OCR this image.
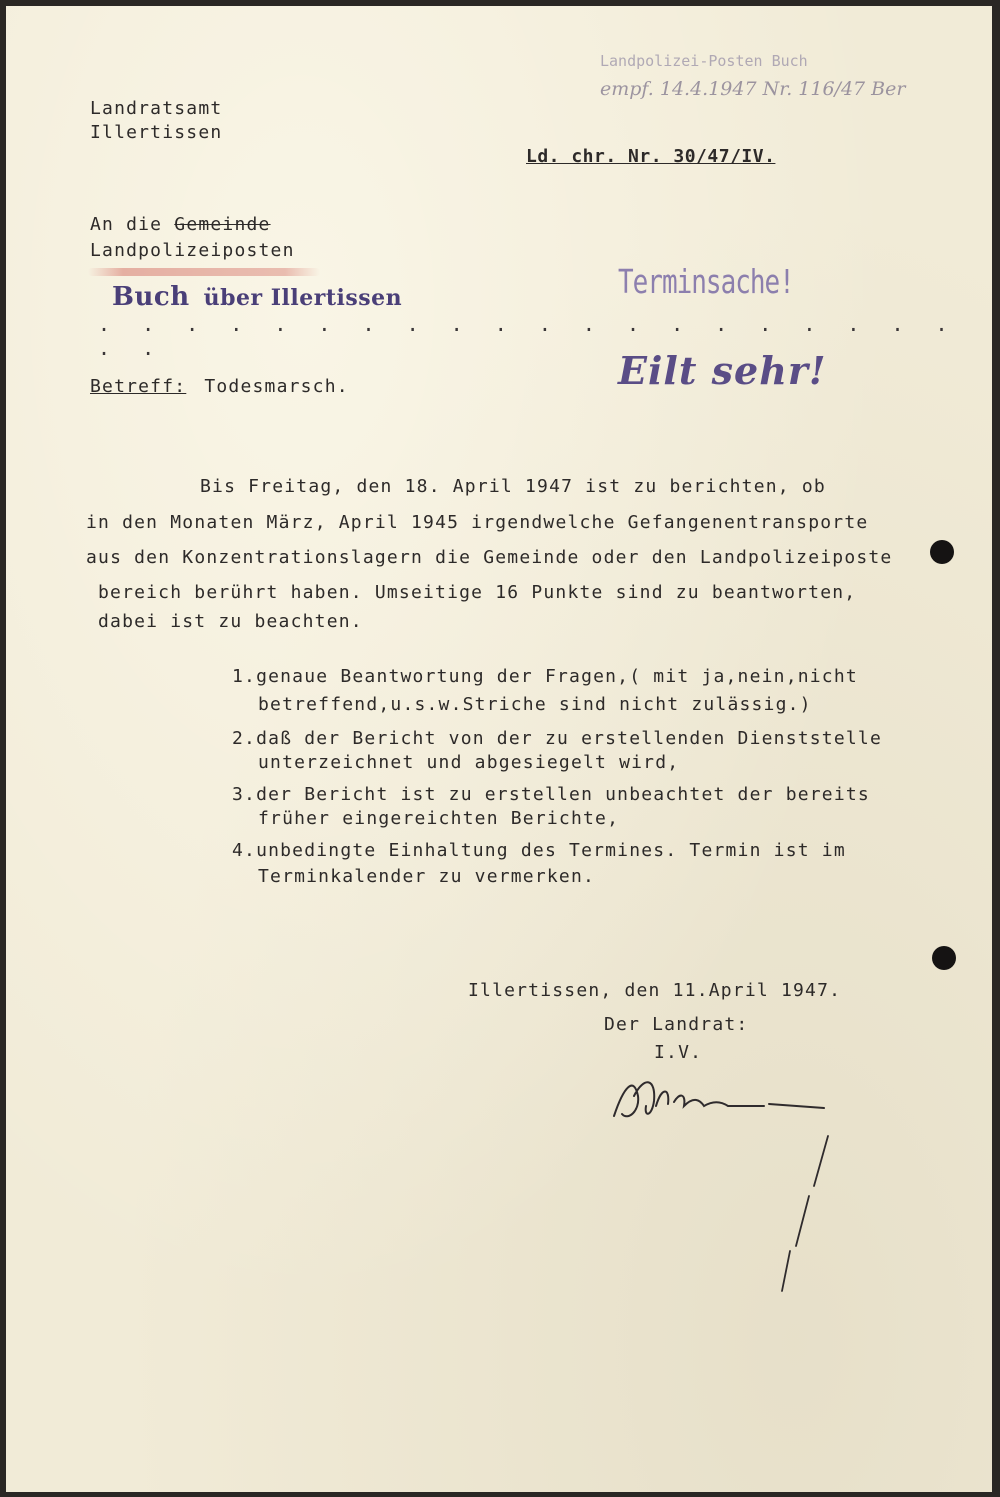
Landratsamt
Illertissen
Landpolizei-Posten Buch
empf. 14.4.1947 Nr. 116/47 Ber
Ld. chr. Nr. 30/47/IV.
An die Gemeinde
Landpolizeiposten
Buch über Illertissen
. . . . . . . . . . . . . . . . . . . . . .
Terminsache!
Eilt sehr!
Betreff: Todesmarsch.
Bis Freitag, den 18. April 1947 ist zu berichten, ob
in den Monaten März, April 1945 irgendwelche Gefangenentransporte
aus den Konzentrationslagern die Gemeinde oder den Landpolizeiposte
bereich berührt haben. Umseitige 16 Punkte sind zu beantworten,
dabei ist zu beachten.
1.genaue Beantwortung der Fragen,( mit ja,nein,nicht
betreffend,u.s.w.Striche sind nicht zulässig.)
2.daß der Bericht von der zu erstellenden Dienststelle
unterzeichnet und abgesiegelt wird,
3.der Bericht ist zu erstellen unbeachtet der bereits
früher eingereichten Berichte,
4.unbedingte Einhaltung des Termines. Termin ist im
Terminkalender zu vermerken.
Illertissen, den 11.April 1947.
Der Landrat:
I.V.
